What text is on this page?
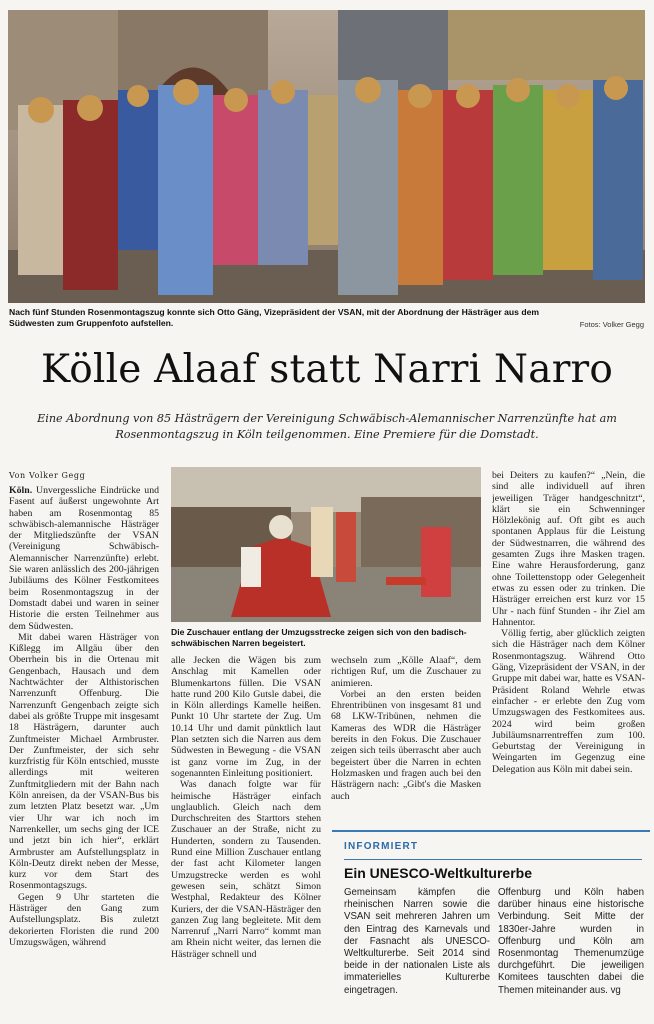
Nach fünf Stunden Rosenmontagszug konnte sich Otto Gäng, Vizepräsident der VSAN, mit der Abordnung der Hästräger aus dem Südwesten zum Gruppenfoto aufstellen.	Fotos: Volker Gegg
Kölle Alaaf statt Narri Narro

Eine Abordnung von 85 Hästrägern der Vereinigung Schwäbisch-Alemannischer Narrenzünfte hat am Rosenmontagszug in Köln teilgenommen. Eine Premiere für die Domstadt.

Von Volker Gegg

Köln. Unvergessliche Eindrücke und Fasent auf äußerst ungewohnte Art haben am Rosenmontag 85 schwäbisch-alemannische Hästräger der Mitgliedszünfte der VSAN (Vereinigung Schwäbisch-Alemannischer Narrenzünfte) erlebt. Sie waren anlässlich des 200-jährigen Jubiläums des Kölner Festkomitees beim Rosenmontagszug in der Domstadt dabei und waren in seiner Historie die ersten Teilnehmer aus dem Südwesten.

Mit dabei waren Hästräger von Kißlegg im Allgäu über den Oberrhein bis in die Ortenau mit Gengenbach, Hausach und dem Nachtwächter der Althistorischen Narrenzunft Offenburg. Die Narrenzunft Gengenbach zeigte sich dabei als größte Truppe mit insgesamt 18 Hästrägern, darunter auch Zunftmeister Michael Armbruster. Der Zunftmeister, der sich sehr kurzfristig für Köln entschied, musste allerdings mit weiteren Zunftmitgliedern mit der Bahn nach Köln anreisen, da der VSAN-Bus bis zum letzten Platz besetzt war. „Um vier Uhr war ich noch im Narrenkeller, um sechs ging der ICE und jetzt bin ich hier“, erklärt Armbruster am Aufstellungsplatz in Köln-Deutz direkt neben der Messe, kurz vor dem Start des Rosenmontagszugs.

Gegen 9 Uhr starteten die Hästräger den Gang zum Aufstellungsplatz. Bis zuletzt dekorierten Floristen die rund 200 Umzugswägen, während

Die Zuschauer entlang der Umzugsstrecke zeigen sich von den badisch-schwäbischen Narren begeistert.

alle Jecken die Wägen bis zum Anschlag mit Kamellen oder Blumenkartons füllen. Die VSAN hatte rund 200 Kilo Gutsle dabei, die in Köln allerdings Kamelle heißen. Punkt 10 Uhr startete der Zug. Um 10.14 Uhr und damit pünktlich laut Plan setzten sich die Narren aus dem Südwesten in Bewegung - die VSAN ist ganz vorne im Zug, in der sogenannten Einleitung positioniert.

Was danach folgte war für heimische Hästräger einfach unglaublich. Gleich nach dem Durchschreiten des Starttors stehen Zuschauer an der Straße, nicht zu Hunderten, sondern zu Tausenden. Rund eine Million Zuschauer entlang der fast acht Kilometer langen Umzugstrecke werden es wohl gewesen sein, schätzt Simon Westphal, Redakteur des Kölner Kuriers, der die VSAN-Hästräger den ganzen Zug lang begleitete. Mit dem Narrenruf „Narri Narro“ kommt man am Rhein nicht weiter, das lernen die Hästräger schnell und

wechseln zum „Kölle Alaaf“, dem richtigen Ruf, um die Zuschauer zu animieren.

Vorbei an den ersten beiden Ehrentribünen von insgesamt 81 und 68 LKW-Tribünen, nehmen die Kameras des WDR die Hästräger bereits in den Fokus. Die Zuschauer zeigen sich teils überrascht aber auch begeistert über die Narren in echten Holzmasken und fragen auch bei den Hästrägern nach: „Gibt's die Masken auch

bei Deiters zu kaufen?“ „Nein, die sind alle individuell auf ihren jeweiligen Träger handgeschnitzt“, klärt sie ein Schwenninger Hölzlekönig auf. Oft gibt es auch spontanen Applaus für die Leistung der Südwestnarren, die während des gesamten Zugs ihre Masken tragen. Eine wahre Herausforderung, ganz ohne Toilettenstopp oder Gelegenheit etwas zu essen oder zu trinken. Die Hästräger erreichen erst kurz vor 15 Uhr - nach fünf Stunden - ihr Ziel am Hahnentor.

Völlig fertig, aber glücklich zeigten sich die Hästräger nach dem Kölner Rosenmontagszug. Während Otto Gäng, Vizepräsident der VSAN, in der Gruppe mit dabei war, hatte es VSAN-Präsident Roland Wehrle etwas einfacher - er erlebte den Zug vom Umzugswagen des Festkomitees aus. 2024 wird beim großen Jubiläumsnarrentreffen zum 100. Geburtstag der Vereinigung in Weingarten im Gegenzug eine Delegation aus Köln mit dabei sein.

INFORMIERT
Ein UNESCO-Weltkulturerbe
Gemeinsam kämpfen die rheinischen Narren sowie die VSAN seit mehreren Jahren um den Eintrag des Karnevals und der Fasnacht als UNESCO-Weltkulturerbe. Seit 2014 sind beide in der nationalen Liste als immaterielles Kulturerbe eingetragen.
Offenburg und Köln haben darüber hinaus eine historische Verbindung. Seit Mitte der 1830er-Jahre wurden in Offenburg und Köln am Rosenmontag Themenumzüge durchgeführt. Die jeweiligen Komitees tauschten dabei die Themen miteinander aus. vg
